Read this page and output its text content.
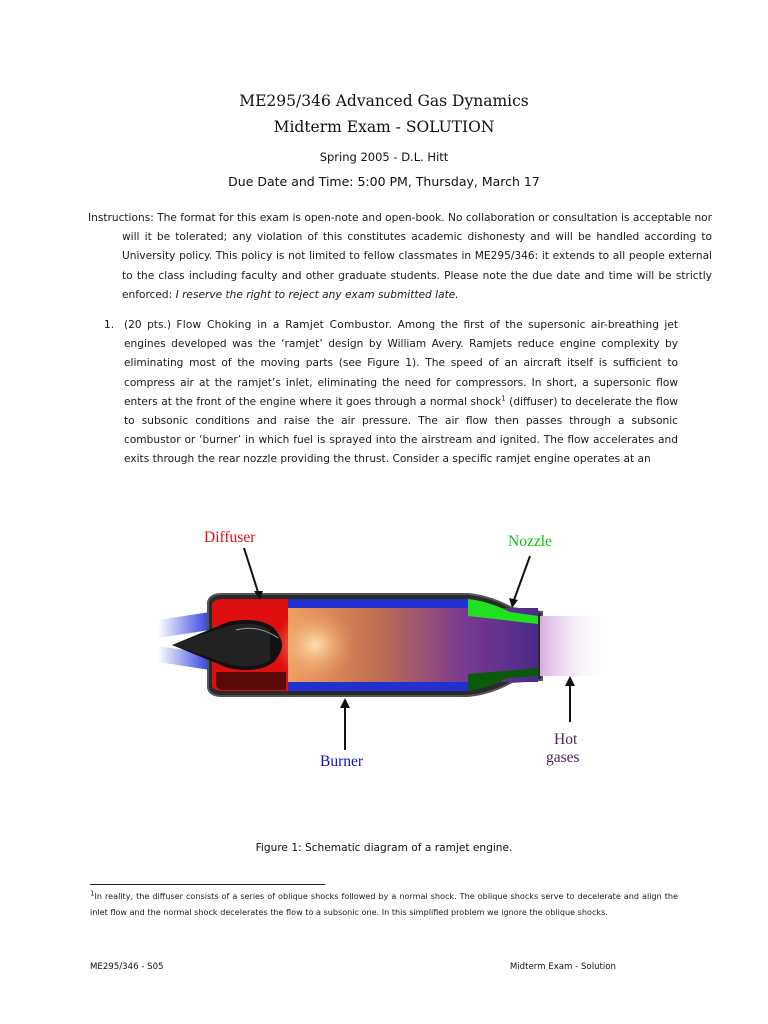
ME295/346 Advanced Gas Dynamics
Midterm Exam - SOLUTION
Spring 2005 - D.L. Hitt
Due Date and Time: 5:00 PM, Thursday, March 17
Instructions: The format for this exam is open-note and open-book. No collaboration or consultation is acceptable nor will it be tolerated; any violation of this constitutes academic dishonesty and will be handled according to University policy. This policy is not limited to fellow classmates in ME295/346: it extends to all people external to the class including faculty and other graduate students. Please note the due date and time will be strictly enforced: I reserve the right to reject any exam submitted late.
1. (20 pts.) Flow Choking in a Ramjet Combustor. Among the first of the supersonic air-breathing jet engines developed was the ‘ramjet’ design by William Avery. Ramjets reduce engine complexity by eliminating most of the moving parts (see Figure 1). The speed of an aircraft itself is sufficient to compress air at the ramjet’s inlet, eliminating the need for compressors. In short, a supersonic flow enters at the front of the engine where it goes through a normal shock$^1$ (diffuser) to decelerate the flow to subsonic conditions and raise the air pressure. The air flow then passes through a subsonic combustor or ‘burner’ in which fuel is sprayed into the airstream and ignited. The flow accelerates and exits through the rear nozzle providing the thrust. Consider a specific ramjet engine operates at an
Diffuser	Nozzle
Burner
Hot
gases
Figure 1: Schematic diagram of a ramjet engine.
$^1$In reality, the diffuser consists of a series of oblique shocks followed by a normal shock. The oblique shocks serve to decelerate and align the inlet flow and the normal shock decelerates the flow to a subsonic one. In this simplified problem we ignore the oblique shocks.
ME295/346 - S05	Midterm Exam - Solution
